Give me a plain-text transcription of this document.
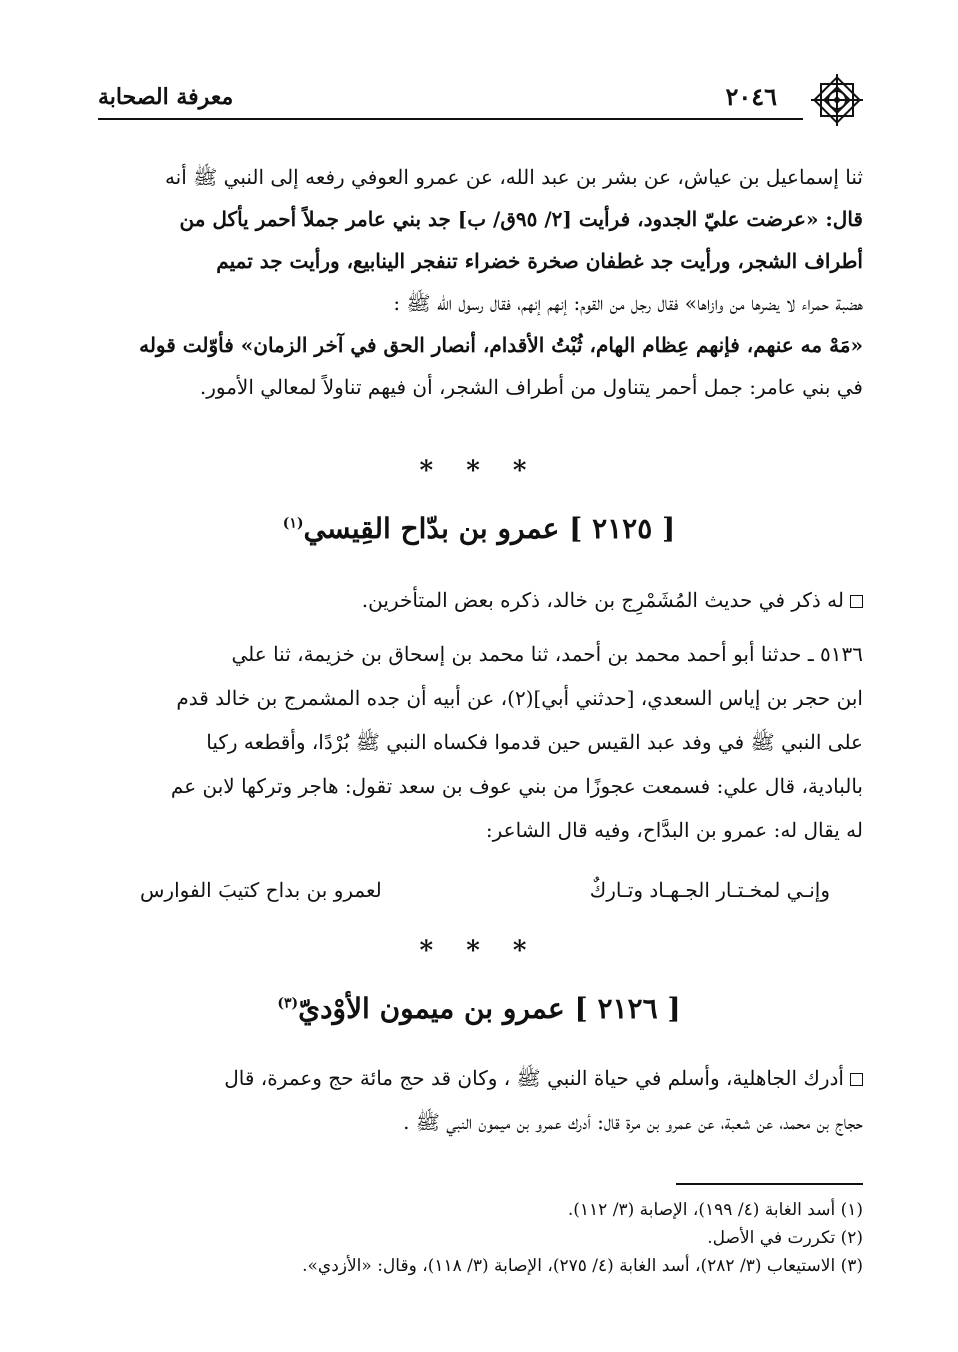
٢٠٤٦
معرفة الصحابة
ثنا إسماعيل بن عياش، عن بشر بن عبد الله، عن عمرو العوفي رفعه إلى النبي ﷺ أنه
قال: «عرضت عليّ الجدود، فرأيت [٢/ ٩٥ق/ ب] جد بني عامر جملاً أحمر يأكل من
أطراف الشجر، ورأيت جد غطفان صخرة خضراء تنفجر الينابيع، ورأيت جد تميم
هضبة حمراء لا يضرها من وازاها» فقال رجل من القوم: إنهم إنهم، فقال رسول الله ﷺ :
«مَهْ مه عنهم، فإنهم عِظام الهام، ثُبْتُ الأقدام، أنصار الحق في آخر الزمان» فأوّلت قوله
في بني عامر: جمل أحمر يتناول من أطراف الشجر، أن فيهم تناولاً لمعالي الأمور.
* * *
[ ٢١٢٥ ] عمرو بن بدّاح القِيسي$^{(١)}$
له ذكر في حديث المُشَمْرِج بن خالد، ذكره بعض المتأخرين.
٥١٣٦ ـ حدثنا أبو أحمد محمد بن أحمد، ثنا محمد بن إسحاق بن خزيمة، ثنا علي
ابن حجر بن إياس السعدي، [حدثني أبي](٢)، عن أبيه أن جده المشمرج بن خالد قدم
على النبي ﷺ في وفد عبد القيس حين قدموا فكساه النبي ﷺ بُرْدًا، وأقطعه ركيا
بالبادية، قال علي: فسمعت عجوزًا من بني عوف بن سعد تقول: هاجر وتركها لابن عم
له يقال له: عمرو بن البدَّاح، وفيه قال الشاعر:
وإنـي لمخـتـار الجـهـاد وتـاركٌ
لعمرو بن بداح كتيبَ الفوارس
* * *
[ ٢١٢٦ ] عمرو بن ميمون الأوْديّ$^{(٣)}$
أدرك الجاهلية، وأسلم في حياة النبي ﷺ ، وكان قد حج مائة حج وعمرة، قال
حجاج بن محمد، عن شعبة، عن عمرو بن مرة قال: أدرك عمرو بن ميمون النبي ﷺ .
(١) أسد الغابة (٤/ ١٩٩)، الإصابة (٣/ ١١٢).
(٢) تكررت في الأصل.
(٣) الاستيعاب (٣/ ٢٨٢)، أسد الغابة (٤/ ٢٧٥)، الإصابة (٣/ ١١٨)، وقال: «الأزدي».
